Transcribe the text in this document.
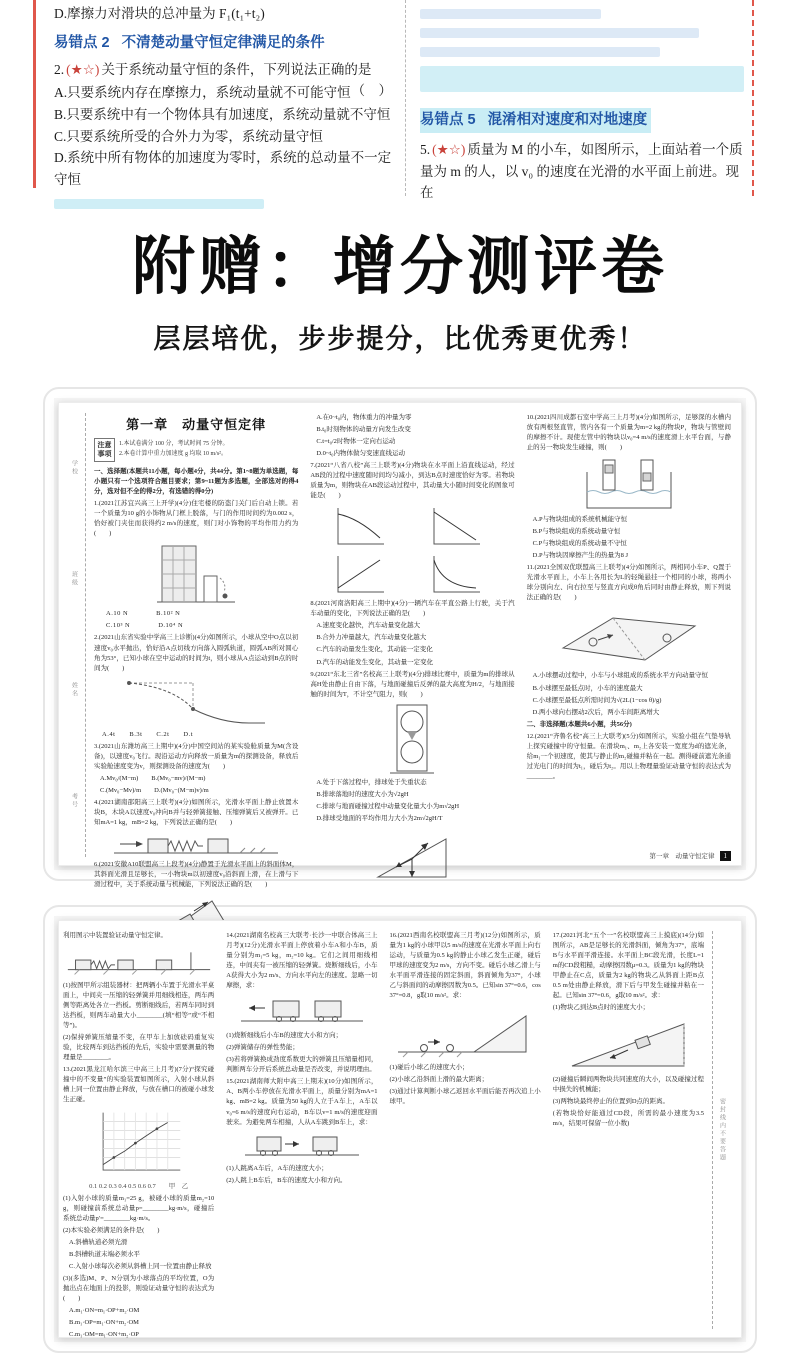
D.摩擦力对滑块的总冲量为 F₁(t₁+t₂)

易错点 2 不清楚动量守恒定律满足的条件

2. (★☆) 关于系统动量守恒的条件，下列说法正确的是
（　）

A.只要系统内存在摩擦力，系统动量就不可能守恒

B.只要系统中有一个物体具有加速度，系统动量就不守恒

C.只要系统所受的合外力为零，系统动量守恒

D.系统中所有物体的加速度为零时，系统的总动量不一定守恒

易错点 5 混淆相对速度和对地速度

5. (★☆) 质量为 M 的小车，如图所示，上面站着一个质量为 m 的人，以 v₀ 的速度在光滑的水平面上前进。现在

附赠：增分测评卷

层层培优，步步提分，比优秀更优秀！

学校
班级
姓名
考号
第一章　动量守恒定律
注意事项

1.本试卷满分 100 分，考试时间 75 分钟。

2.本卷计算中重力加速度 g 均取 10 m/s²。

一、选择题(本题共11小题，每小题4分，共44分。第1~8题为单选题，每小题只有一个选项符合题目要求；第9~11题为多选题，全部选对的得4分，选对但不全的得2分，有选错的得0分)

1.(2021江苏宜兴高三上开学)(4分)住宅楼的防盗门关门后自动上锁。若一个质量为10 g的小饰物从门框上脱落，与门的作用时间约为0.002 s，恰好被门夹住而获得约2 m/s的速度，则门对小饰物的平均作用力约为(　　)

A.10 N　　　　B.10² N

C.10³ N　　　　D.10⁴ N

2.(2021山东省实验中学高三上诊断)(4分)如图所示，小球从空中O点以初速度v₀水平抛出，恰好沿A点切线方向落入圆弧轨道，圆弧AB所对圆心角为53°，已知小球在空中运动的时间为t，则小球从A点运动到B点的时间为(　　)

A.4t　　B.3t　　C.2t　　D.t

3.(2021山东潍坊高三上期中)(4分)中国空间站的某实验舱质量为M(含设备)，以速度v₀飞行。现沿运动方向释放一质量为m的探测设备，释放后实验舱速度变为v，则探测设备的速度为(　　)

A.Mv₀/(M−m)　　B.(Mv₀−mv)/(M−m)

C.(Mv₀−Mv)/m　　D.(Mv₀−(M−m)v)/m

4.(2021湖南邵阳高三上联考)(4分)如图所示，光滑水平面上静止放置木块B，木块A以速度v₀冲向B并与轻弹簧接触、压缩弹簧后又被弹开。已知mA=1 kg，mB=2 kg，下列说法正确的是(　　)

6.(2021安徽A10联盟高三上段考)(4分)静置于光滑水平面上的斜面体M，其斜面光滑且足够长，一小物块m以初速度v₀沿斜面上滑，在上滑与下滑过程中，关于系统动量与机械能，下列说法正确的是(　　)

A.在0~t₀内，物体重力的冲量为零

B.t₀时刻物体的动量方向发生改变

C.t=t₀/2时物体一定向右运动

D.0~t₀内物体做匀变速直线运动

7.(2021“八省八校”高三上联考)(4分)物块在水平面上沿直线运动，经过AB段的过程中速度随时间均匀减小，到达B点时速度恰好为零。若物块质量为m，则物块在AB段运动过程中，其动量大小随时间变化的图象可能是(　　)

8.(2021河南洛阳高三上期中)(4分)一辆汽车在平直公路上行驶，关于汽车动量的变化，下列说法正确的是(　　)

A.速度变化越快，汽车动量变化越大

B.合外力冲量越大，汽车动量变化越大

C.汽车的动量发生变化，其动能一定变化

D.汽车的动能发生变化，其动量一定变化

9.(2021“东北三省”名校高三上联考)(4分)排球比赛中，质量为m的排球从高H处由静止自由下落，与地面碰撞后反弹的最大高度为H/2，与地面接触的时间为T，不计空气阻力，则(　　)

A.处于下落过程中，排球处于失重状态

B.排球落地时的速度大小为√2gH

C.排球与地面碰撞过程中动量变化量大小为m√2gH

D.排球受地面的平均作用力大小为2m√2gH/T

10.(2021四川成都石室中学高三上月考)(4分)如图所示，足够深的水槽内放有两根竖直管，管内各有一个质量为m=2 kg的物块P，物块与管壁间的摩擦不计。现使左管中的物块以v₀=4 m/s的速度滑上水平台面，与静止的另一物块发生碰撞，则(　　)

A.P与物块组成的系统机械能守恒

B.P与物块组成的系统动量守恒

C.P与物块组成的系统动量不守恒

D.P与物块因摩擦产生的热量为8 J

11.(2021全国双优联盟高三上联考)(4分)如图所示，两相同小车P、Q置于光滑水平面上，小车上各用长为L的轻绳悬挂一个相同的小球，将两小球分别向左、向右拉至与竖直方向成θ角后同时由静止释放，则下列说法正确的是(　　)

A.小球摆动过程中，小车与小球组成的系统水平方向动量守恒

B.小球摆至最低点时，小车的速度最大

C.小球摆至最低点所需时间为√(2L(1−cos θ)/g)

D.两小球向右摆动2次后，两小车间距离增大

二、非选择题(本题共6小题，共56分)

12.(2021“齐鲁名校”高三上大联考)(5分)如图所示，实验小组在气垫导轨上探究碰撞中的守恒量。在滑块m₁、m₂上各安装一宽度为d的遮光条，给m₁一个初速度，使其与静止的m₂碰撞并粘在一起。测得碰前遮光条通过光电门的时间为t₁，碰后为t₂。用以上物理量验证动量守恒的表达式为________。

第一章　动量守恒定律	1

利用图示中装置验证动量守恒定律。

(1)按图甲所示组装器材：把两辆小车置于光滑水平桌面上，中间夹一压缩的轻弹簧并用细线相连，两车两侧等距离处各立一挡板。剪断细线后，若两车同时到达挡板，则两车动量大小________(填“相等”或“不相等”)。

(2)保持弹簧压缩量不变，在甲车上加放砝码重复实验，比较两车到达挡板的先后，实验中需要测量的物理量是________。

13.(2021黑龙江哈尔滨三中高三上月考)(7分)“探究碰撞中的不变量”的实验装置如图所示，入射小球从斜槽上同一位置由静止释放，与放在槽口的被碰小球发生正碰。

0.1 0.2 0.3 0.4 0.5 0.6 0.7　　甲　乙

(1)入射小球的质量m₁=25 g，被碰小球的质量m₂=10 g，则碰撞前系统总动量p=________kg·m/s，碰撞后系统总动量p′=________kg·m/s。

(2)本实验必须满足的条件是(　　)

A.斜槽轨道必须光滑

B.斜槽轨道末端必须水平

C.入射小球每次必须从斜槽上同一位置由静止释放

(3)(多选)M、P、N分别为小球落点的平均位置，O为抛出点在地面上的投影，则验证动量守恒的表达式为(　　)

A.m₁·ON=m₁·OP+m₂·OM

B.m₁·OP=m₁·ON+m₂·OM

C.m₁·OM=m₁·ON+m₂·OP

14.(2021湖南名校高三大联考·长沙一中联合体高三上月考)(12分)光滑水平面上停放着小车A和小车B，质量分别为m₁=5 kg，m₂=10 kg。它们之间用细线相连，中间夹有一被压缩的轻弹簧。烧断细线后，小车A获得大小为2 m/s、方向水平向左的速度。忽略一切摩擦，求：

(1)烧断细线后小车B的速度大小和方向；

(2)弹簧储存的弹性势能；

(3)若将弹簧换成劲度系数更大的弹簧且压缩量相同，判断两车分开后系统总动量是否改变，并说明理由。

15.(2021湖南师大附中高三上期末)(10分)如图所示，A、B两小车停放在光滑水平面上，质量分别为mA=1 kg、mB=2 kg。质量为50 kg的人立于A车上，A车以v₀=6 m/s的速度向右运动，B车以v=1 m/s的速度迎面驶来。为避免两车相撞，人从A车跳到B车上，求：

(1)人跳离A车后，A车的速度大小；

(2)人跳上B车后，B车的速度大小和方向。

16.(2021西南名校联盟高三月考)(12分)如图所示，质量为1 kg的小球甲以5 m/s的速度在光滑水平面上向右运动，与质量为0.5 kg的静止小球乙发生正碰，碰后甲球的速度变为2 m/s，方向不变。碰后小球乙滑上与水平面平滑连接的固定斜面，斜面倾角为37°，小球乙与斜面间的动摩擦因数为0.5。已知sin 37°=0.6，cos 37°=0.8，g取10 m/s²。求：

(1)碰后小球乙的速度大小；

(2)小球乙沿斜面上滑的最大距离；

(3)通过计算判断小球乙返回水平面后能否再次追上小球甲。

17.(2021河北“五个一”名校联盟高三上摸底)(14分)如图所示，AB是足够长的光滑斜面，倾角为37°，底端B与水平面平滑连接。水平面上BC段光滑，长度L=1 m的CD段粗糙，动摩擦因数μ=0.3。质量为1 kg的物块甲静止在C点，质量为2 kg的物块乙从斜面上距B点0.5 m处由静止释放，滑下后与甲发生碰撞并粘在一起。已知sin 37°=0.6，g取10 m/s²。求：

(1)物块乙到达B点时的速度大小；

(2)碰撞后瞬间两物块共同速度的大小，以及碰撞过程中损失的机械能；

(3)两物块最终停止的位置到D点的距离。

(若物块恰好能通过CD段，所需的最小速度为3.5 m/s，结果可保留一位小数)	密封线内不要答题
